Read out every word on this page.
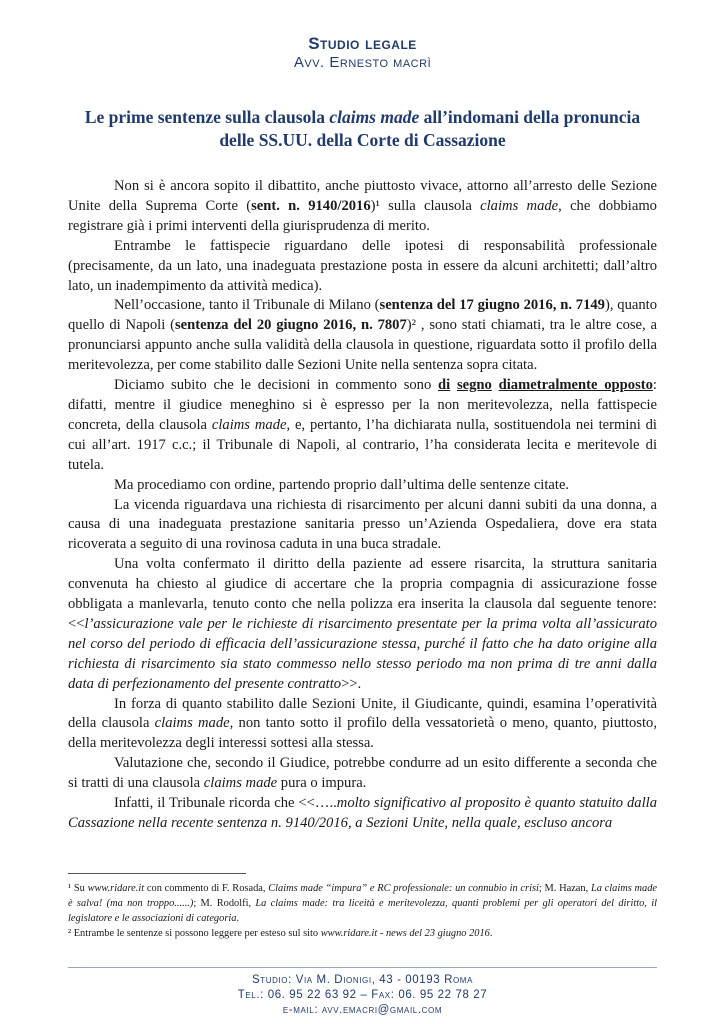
Studio legale
Avv. Ernesto macrì
Le prime sentenze sulla clausola claims made all’indomani della pronuncia delle SS.UU. della Corte di Cassazione

Non si è ancora sopito il dibattito, anche piuttosto vivace, attorno all’arresto delle Sezione Unite della Suprema Corte (sent. n. 9140/2016)¹ sulla clausola claims made, che dobbiamo registrare già i primi interventi della giurisprudenza di merito.

Entrambe le fattispecie riguardano delle ipotesi di responsabilità professionale (precisamente, da un lato, una inadeguata prestazione posta in essere da alcuni architetti; dall’altro lato, un inadempimento da attività medica).

Nell’occasione, tanto il Tribunale di Milano (sentenza del 17 giugno 2016, n. 7149), quanto quello di Napoli (sentenza del 20 giugno 2016, n. 7807)² , sono stati chiamati, tra le altre cose, a pronunciarsi appunto anche sulla validità della clausola in questione, riguardata sotto il profilo della meritevolezza, per come stabilito dalle Sezioni Unite nella sentenza sopra citata.

Diciamo subito che le decisioni in commento sono di segno diametralmente opposto: difatti, mentre il giudice meneghino si è espresso per la non meritevolezza, nella fattispecie concreta, della clausola claims made, e, pertanto, l’ha dichiarata nulla, sostituendola nei termini di cui all’art. 1917 c.c.; il Tribunale di Napoli, al contrario, l’ha considerata lecita e meritevole di tutela.

Ma procediamo con ordine, partendo proprio dall’ultima delle sentenze citate.

La vicenda riguardava una richiesta di risarcimento per alcuni danni subiti da una donna, a causa di una inadeguata prestazione sanitaria presso un’Azienda Ospedaliera, dove era stata ricoverata a seguito di una rovinosa caduta in una buca stradale.

Una volta confermato il diritto della paziente ad essere risarcita, la struttura sanitaria convenuta ha chiesto al giudice di accertare che la propria compagnia di assicurazione fosse obbligata a manlevarla, tenuto conto che nella polizza era inserita la clausola dal seguente tenore: <<l’assicurazione vale per le richieste di risarcimento presentate per la prima volta all’assicurato nel corso del periodo di efficacia dell’assicurazione stessa, purché il fatto che ha dato origine alla richiesta di risarcimento sia stato commesso nello stesso periodo ma non prima di tre anni dalla data di perfezionamento del presente contratto>>.

In forza di quanto stabilito dalle Sezioni Unite, il Giudicante, quindi, esamina l’operatività della clausola claims made, non tanto sotto il profilo della vessatorietà o meno, quanto, piuttosto, della meritevolezza degli interessi sottesi alla stessa.

Valutazione che, secondo il Giudice, potrebbe condurre ad un esito differente a seconda che si tratti di una clausola claims made pura o impura.

Infatti, il Tribunale ricorda che <<…..molto significativo al proposito è quanto statuito dalla Cassazione nella recente sentenza n. 9140/2016, a Sezioni Unite, nella quale, escluso ancora

¹ Su www.ridare.it con commento di F. Rosada, Claims made “impura” e RC professionale: un connubio in crisi; M. Hazan, La claims made è salva! (ma non troppo......); M. Rodolfi, La claims made: tra liceità e meritevolezza, quanti problemi per gli operatori del diritto, il legislatore e le associazioni di categoria.

² Entrambe le sentenze si possono leggere per esteso sul sito www.ridare.it - news del 23 giugno 2016.

Studio: Via M. Dionigi, 43 - 00193 Roma
Tel.: 06. 95 22 63 92 – Fax: 06. 95 22 78 27
e-mail: avv.emacri@gmail.com
